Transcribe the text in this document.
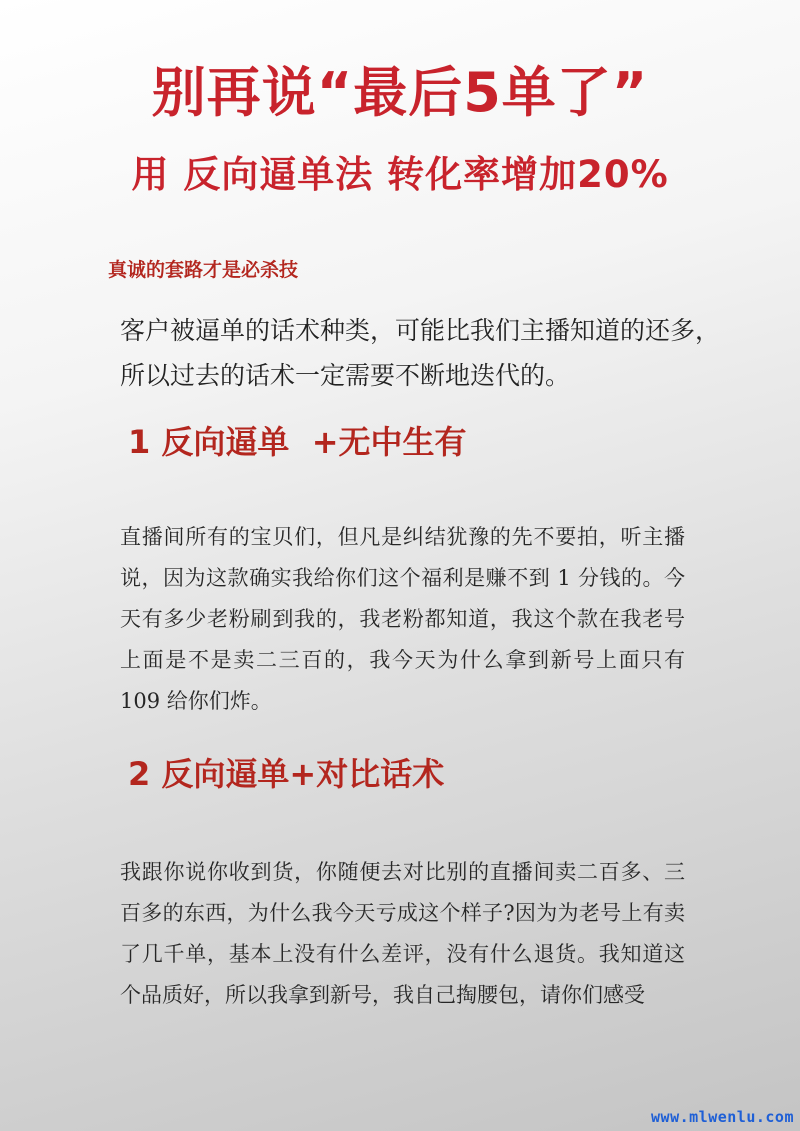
别再说“最后5单了”
用 反向逼单法 转化率增加20%

真诚的套路才是必杀技

客户被逼单的话术种类，可能比我们主播知道的还多，所以过去的话术一定需要不断地迭代的。

1 反向逼单  +无中生有

直播间所有的宝贝们，但凡是纠结犹豫的先不要拍，听主播说，因为这款确实我给你们这个福利是赚不到 1 分钱的。今天有多少老粉刷到我的，我老粉都知道，我这个款在我老号上面是不是卖二三百的，我今天为什么拿到新号上面只有 109 给你们炸。

2 反向逼单+对比话术

我跟你说你收到货，你随便去对比别的直播间卖二百多、三百多的东西，为什么我今天亏成这个样子?因为为老号上有卖了几千单，基本上没有什么差评，没有什么退货。我知道这个品质好，所以我拿到新号，我自己掏腰包，请你们感受

www.mlwenlu.com
